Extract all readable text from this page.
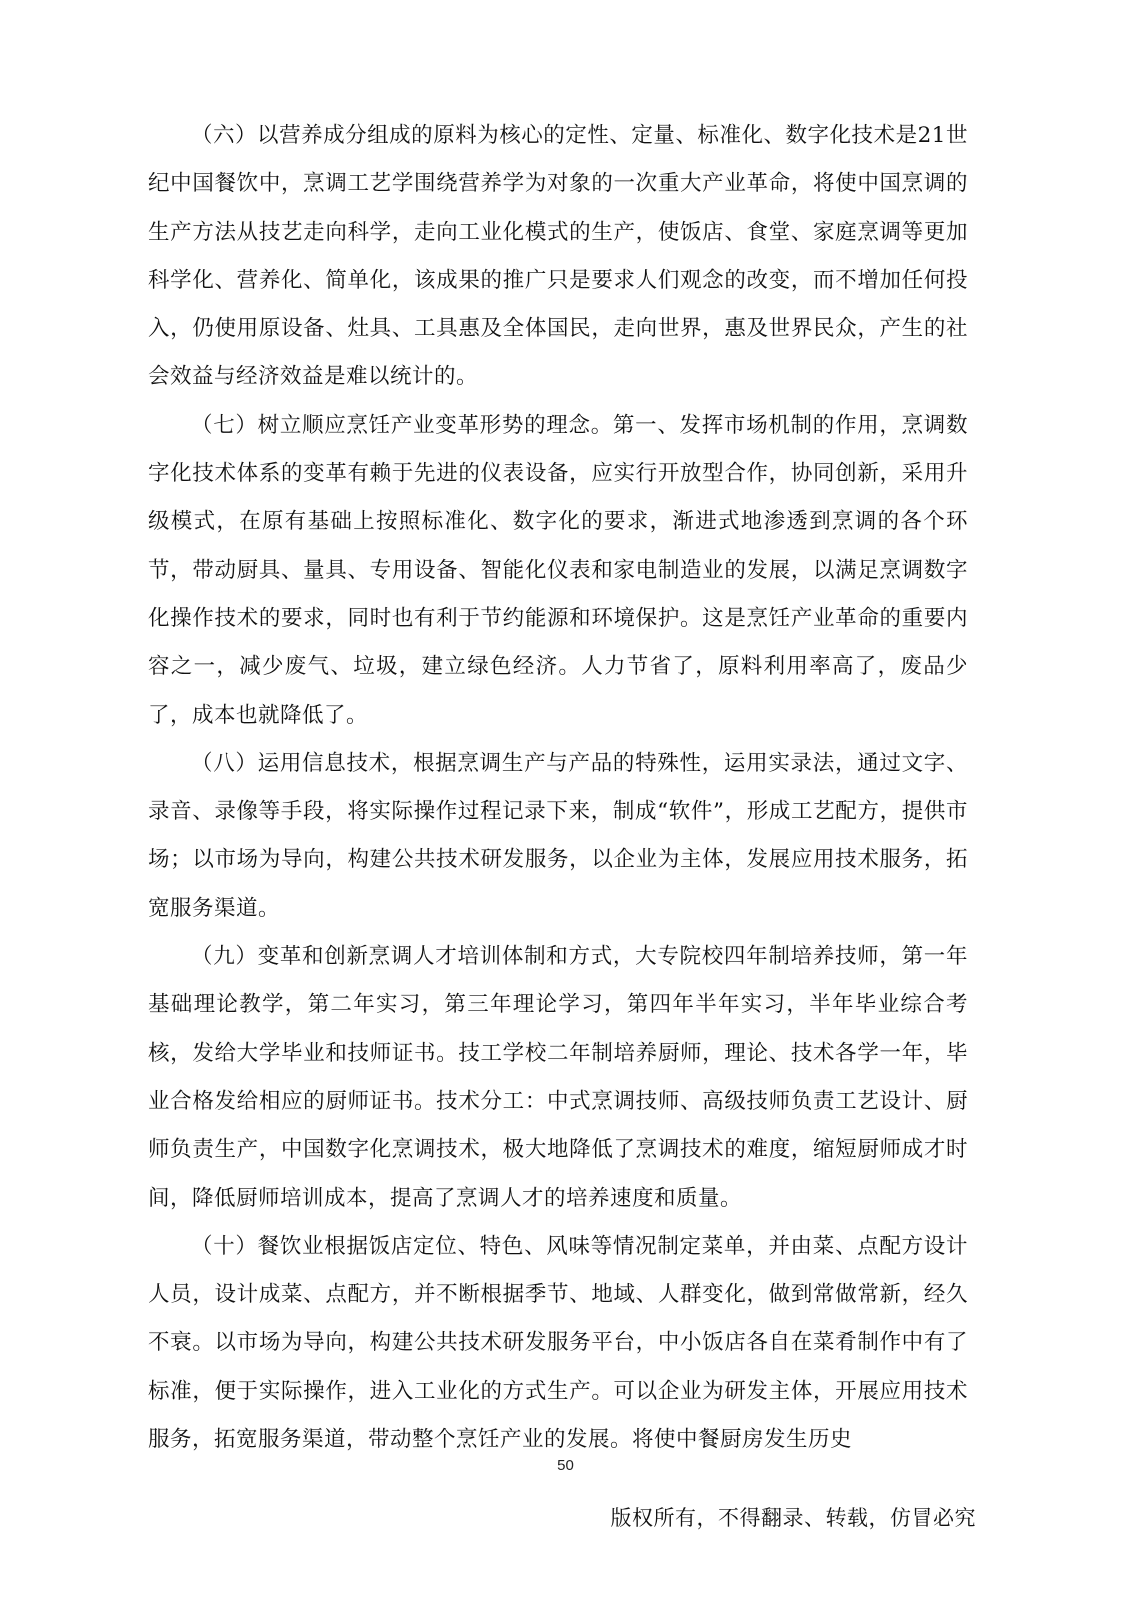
（六）以营养成分组成的原料为核心的定性、定量、标准化、数字化技术是21世纪中国餐饮中，烹调工艺学围绕营养学为对象的一次重大产业革命，将使中国烹调的生产方法从技艺走向科学，走向工业化模式的生产，使饭店、食堂、家庭烹调等更加科学化、营养化、简单化，该成果的推广只是要求人们观念的改变，而不增加任何投入，仍使用原设备、灶具、工具惠及全体国民，走向世界，惠及世界民众，产生的社会效益与经济效益是难以统计的。

（七）树立顺应烹饪产业变革形势的理念。第一、发挥市场机制的作用，烹调数字化技术体系的变革有赖于先进的仪表设备，应实行开放型合作，协同创新，采用升级模式，在原有基础上按照标准化、数字化的要求，渐进式地渗透到烹调的各个环节，带动厨具、量具、专用设备、智能化仪表和家电制造业的发展，以满足烹调数字化操作技术的要求，同时也有利于节约能源和环境保护。这是烹饪产业革命的重要内容之一，减少废气、垃圾，建立绿色经济。人力节省了，原料利用率高了，废品少了，成本也就降低了。

（八）运用信息技术，根据烹调生产与产品的特殊性，运用实录法，通过文字、录音、录像等手段，将实际操作过程记录下来，制成“软件”，形成工艺配方，提供市场；以市场为导向，构建公共技术研发服务，以企业为主体，发展应用技术服务，拓宽服务渠道。

（九）变革和创新烹调人才培训体制和方式，大专院校四年制培养技师，第一年基础理论教学，第二年实习，第三年理论学习，第四年半年实习，半年毕业综合考核，发给大学毕业和技师证书。技工学校二年制培养厨师，理论、技术各学一年，毕业合格发给相应的厨师证书。技术分工：中式烹调技师、高级技师负责工艺设计、厨师负责生产，中国数字化烹调技术，极大地降低了烹调技术的难度，缩短厨师成才时间，降低厨师培训成本，提高了烹调人才的培养速度和质量。

（十）餐饮业根据饭店定位、特色、风味等情况制定菜单，并由菜、点配方设计人员，设计成菜、点配方，并不断根据季节、地域、人群变化，做到常做常新，经久不衰。以市场为导向，构建公共技术研发服务平台，中小饭店各自在菜肴制作中有了标准，便于实际操作，进入工业化的方式生产。可以企业为研发主体，开展应用技术服务，拓宽服务渠道，带动整个烹饪产业的发展。将使中餐厨房发生历史

50
版权所有，不得翻录、转载，仿冒必究
